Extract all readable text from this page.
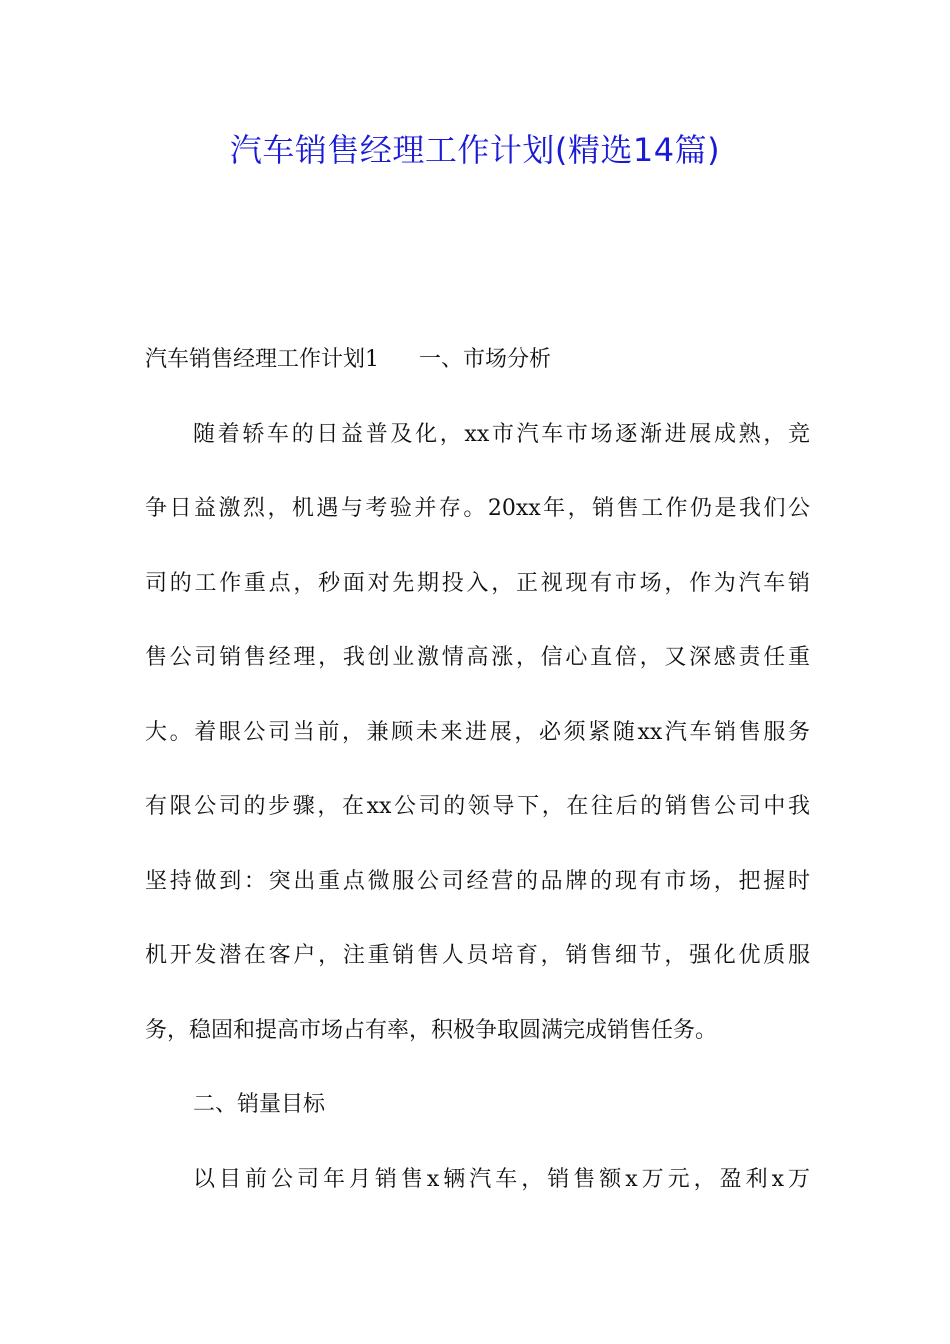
汽车销售经理工作计划(精选14篇)
汽车销售经理工作计划1 一、市场分析
随着轿车的日益普及化，xx市汽车市场逐渐进展成熟，竞
争日益激烈，机遇与考验并存。20xx年，销售工作仍是我们公
司的工作重点，秒面对先期投入，正视现有市场，作为汽车销
售公司销售经理，我创业激情高涨，信心直倍，又深感责任重
大。着眼公司当前，兼顾未来进展，必须紧随xx汽车销售服务
有限公司的步骤，在xx公司的领导下，在往后的销售公司中我
坚持做到：突出重点微服公司经营的品牌的现有市场，把握时
机开发潜在客户，注重销售人员培育，销售细节，强化优质服
务，稳固和提高市场占有率，积极争取圆满完成销售任务。
二、销量目标
以目前公司年月销售x辆汽车，销售额x万元，盈利x万
